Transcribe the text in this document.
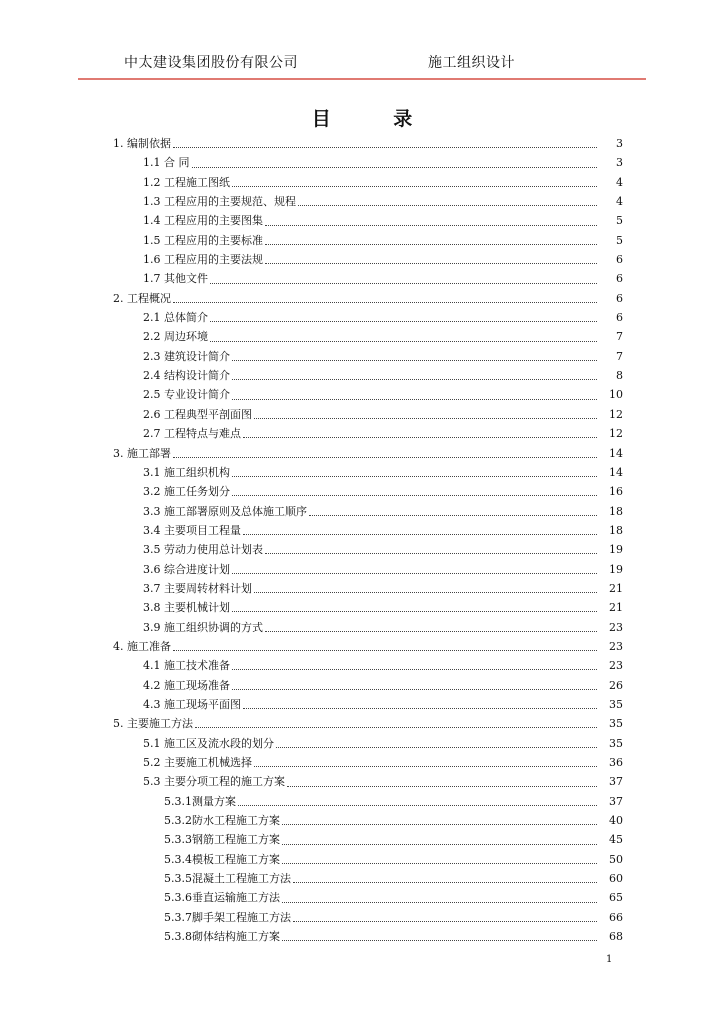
中太建设集团股份有限公司	施工组织设计
目 录
1. 编制依据	3
1.1 合 同	3
1.2 工程施工图纸	4
1.3 工程应用的主要规范、规程	4
1.4 工程应用的主要图集	5
1.5 工程应用的主要标准	5
1.6 工程应用的主要法规	6
1.7 其他文件	6
2. 工程概况	6
2.1 总体简介	6
2.2 周边环境	7
2.3 建筑设计简介	7
2.4 结构设计简介	8
2.5 专业设计简介	10
2.6 工程典型平剖面图	12
2.7 工程特点与难点	12
3. 施工部署	14
3.1 施工组织机构	14
3.2 施工任务划分	16
3.3 施工部署原则及总体施工顺序	18
3.4 主要项目工程量	18
3.5 劳动力使用总计划表	19
3.6 综合进度计划	19
3.7 主要周转材料计划	21
3.8 主要机械计划	21
3.9 施工组织协调的方式	23
4. 施工准备	23
4.1 施工技术准备	23
4.2 施工现场准备	26
4.3 施工现场平面图	35
5. 主要施工方法	35
5.1 施工区及流水段的划分	35
5.2 主要施工机械选择	36
5.3 主要分项工程的施工方案	37
5.3.1测量方案	37
5.3.2防水工程施工方案	40
5.3.3钢筋工程施工方案	45
5.3.4模板工程施工方案	50
5.3.5混凝土工程施工方法	60
5.3.6垂直运输施工方法	65
5.3.7脚手架工程施工方法	66
5.3.8砌体结构施工方案	68
1
